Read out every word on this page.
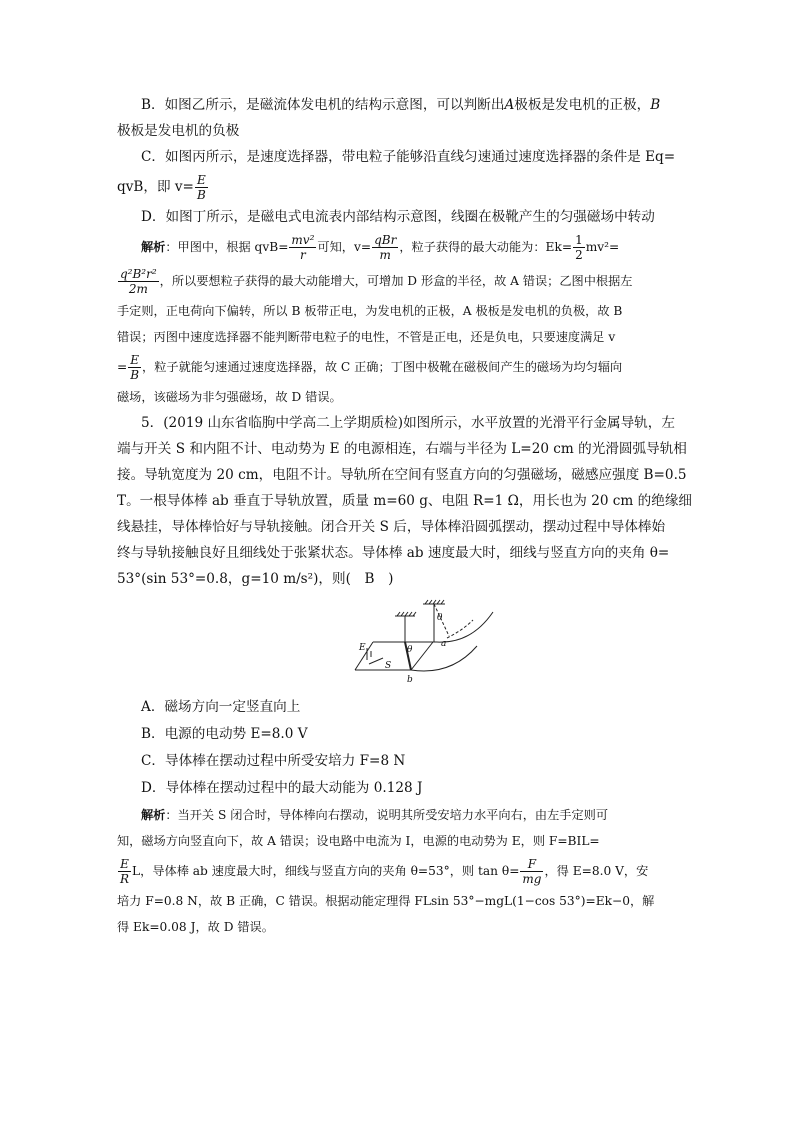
B．如图乙所示，是磁流体发电机的结构示意图，可以判断出A极板是发电机的正极，B

极板是发电机的负极

C．如图丙所示，是速度选择器，带电粒子能够沿直线匀速通过速度选择器的条件是 Eq=

qvB，即 $v= \frac{E}{B}$

D．如图丁所示，是磁电式电流表内部结构示意图，线圈在极靴产生的匀强磁场中转动

解析：甲图中，根据 $qvB= \frac{\text{mv²}}{r}$ 可知，$v= \frac{\text{qBr}}{m}$ ，粒子获得的最大动能为：$Ek= \frac{1}{2} mv^2=$

$\frac{\text{q²B²r²}}{2m}$ ，所以要想粒子获得的最大动能增大，可增加 D 形盒的半径，故 A 错误；乙图中根据左

手定则，正电荷向下偏转，所以 B 板带正电，为发电机的正极，A 极板是发电机的负极，故 B

错误；丙图中速度选择器不能判断带电粒子的电性，不管是正电，还是负电，只要速度满足 v

= $\frac{E}{B}$ ，粒子就能匀速通过速度选择器，故 C 正确；丁图中极靴在磁极间产生的磁场为均匀辐向

磁场，该磁场为非匀强磁场，故 D 错误。

5．(2019 山东省临朐中学高二上学期质检)如图所示，水平放置的光滑平行金属导轨，左

端与开关 S 和内阻不计、电动势为 E 的电源相连，右端与半径为 L=20 cm 的光滑圆弧导轨相

接。导轨宽度为 20 cm，电阻不计。导轨所在空间有竖直方向的匀强磁场，磁感应强度 B=0.5

T。一根导体棒 ab 垂直于导轨放置，质量 m=60 g、电阻 R=1 Ω，用长也为 20 cm 的绝缘细

线悬挂，导体棒恰好与导轨接触。闭合开关 S 后，导体棒沿圆弧摆动，摆动过程中导体棒始

终与导轨接触良好且细线处于张紧状态。导体棒 ab 速度最大时，细线与竖直方向的夹角 θ=

53°(sin 53°=0.8，g=10 m/s²)，则(　B　)

E
S
b
a
θ
θ

A．磁场方向一定竖直向上

B．电源的电动势 E=8.0 V

C．导体棒在摆动过程中所受安培力 F=8 N

D．导体棒在摆动过程中的最大动能为 0.128 J

解析：当开关 S 闭合时，导体棒向右摆动，说明其所受安培力水平向右，由左手定则可

知，磁场方向竖直向下，故 A 错误；设电路中电流为 I，电源的电动势为 E，则 F=BIL=

$\frac{E}{R}$ L，导体棒 ab 速度最大时，细线与竖直方向的夹角 θ=53°，则 $\tan \theta= \frac{F}{mg}$ ，得 E=8.0 V，安

培力 F=0.8 N，故 B 正确，C 错误。根据动能定理得 FLsin 53°−mgL(1−cos 53°)=Ek−0，解

得 Ek=0.08 J，故 D 错误。
